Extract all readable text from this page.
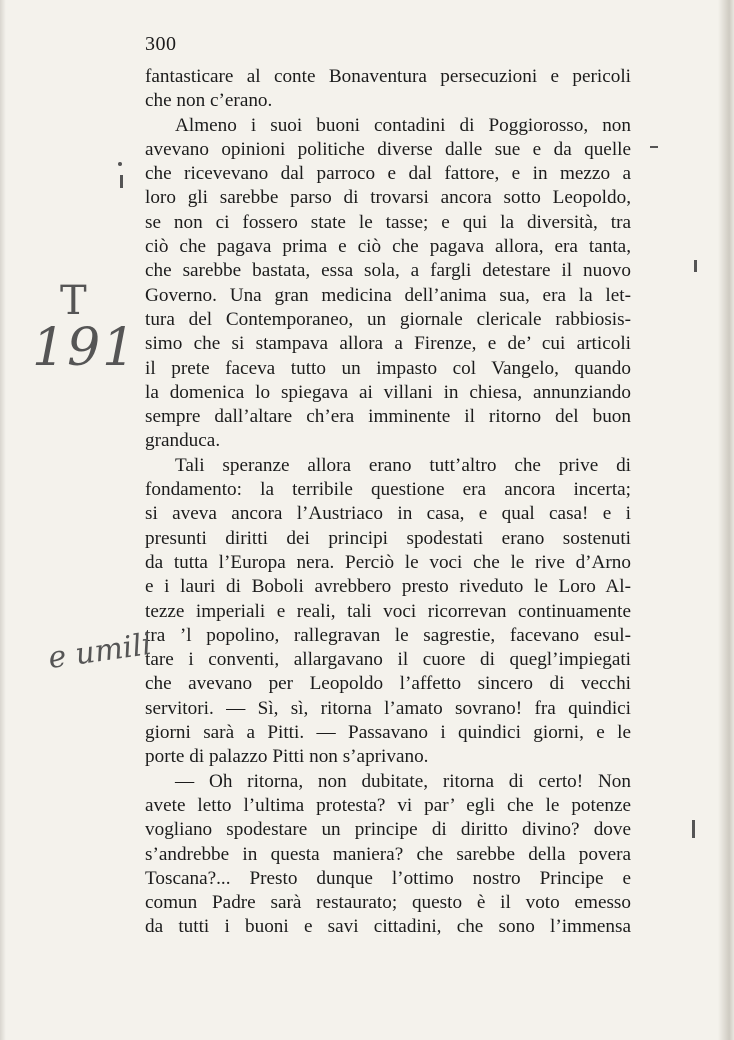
300
fantasticare al conte Bonaventura persecuzioni e pericoli
che non c’erano.
Almeno i suoi buoni contadini di Poggiorosso, non
avevano opinioni politiche diverse dalle sue e da quelle
che ricevevano dal parroco e dal fattore, e in mezzo a
loro gli sarebbe parso di trovarsi ancora sotto Leopoldo,
se non ci fossero state le tasse; e qui la diversità, tra
ciò che pagava prima e ciò che pagava allora, era tanta,
che sarebbe bastata, essa sola, a fargli detestare il nuovo
Governo. Una gran medicina dell’anima sua, era la let-
tura del Contemporaneo, un giornale clericale rabbiosis-
simo che si stampava allora a Firenze, e de’ cui articoli
il prete faceva tutto un impasto col Vangelo, quando
la domenica lo spiegava ai villani in chiesa, annunziando
sempre dall’altare ch’era imminente il ritorno del buon
granduca.
Tali speranze allora erano tutt’altro che prive di
fondamento: la terribile questione era ancora incerta;
si aveva ancora l’Austriaco in casa, e qual casa! e i
presunti diritti dei principi spodestati erano sostenuti
da tutta l’Europa nera. Perciò le voci che le rive d’Arno
e i lauri di Boboli avrebbero presto riveduto le Loro Al-
tezze imperiali e reali, tali voci ricorrevan continuamente
tra ’l popolino, rallegravan le sagrestie, facevano esul-
tare i conventi, allargavano il cuore di quegl’impiegati
che avevano per Leopoldo l’affetto sincero di vecchi
servitori. — Sì, sì, ritorna l’amato sovrano! fra quindici
giorni sarà a Pitti. — Passavano i quindici giorni, e le
porte di palazzo Pitti non s’aprivano.
— Oh ritorna, non dubitate, ritorna di certo! Non
avete letto l’ultima protesta? vi par’ egli che le potenze
vogliano spodestare un principe di diritto divino? dove
s’andrebbe in questa maniera? che sarebbe della povera
Toscana?... Presto dunque l’ottimo nostro Principe e
comun Padre sarà restaurato; questo è il voto emesso
da tutti i buoni e savi cittadini, che sono l’immensa
T
191
e umili
